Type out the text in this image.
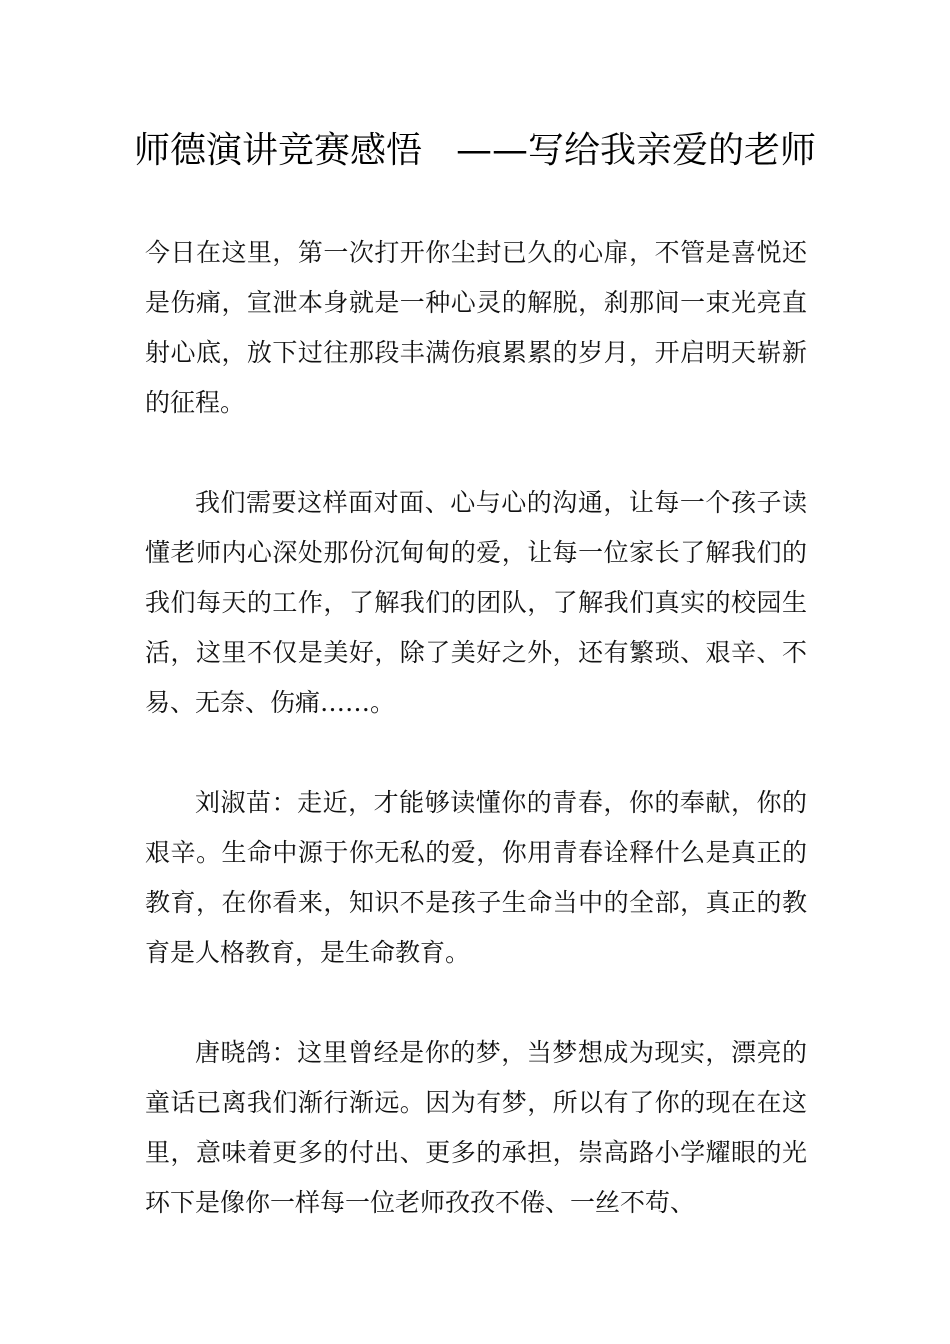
师德演讲竞赛感悟 ——写给我亲爱的老师

今日在这里，第一次打开你尘封已久的心扉，不管是喜悦还是伤痛，宣泄本身就是一种心灵的解脱，刹那间一束光亮直射心底，放下过往那段丰满伤痕累累的岁月，开启明天崭新的征程。

我们需要这样面对面、心与心的沟通，让每一个孩子读懂老师内心深处那份沉甸甸的爱，让每一位家长了解我们的我们每天的工作，了解我们的团队，了解我们真实的校园生活，这里不仅是美好，除了美好之外，还有繁琐、艰辛、不易、无奈、伤痛……。

刘淑苗：走近，才能够读懂你的青春，你的奉献，你的艰辛。生命中源于你无私的爱，你用青春诠释什么是真正的教育，在你看来，知识不是孩子生命当中的全部，真正的教育是人格教育，是生命教育。

唐晓鸽：这里曾经是你的梦，当梦想成为现实，漂亮的童话已离我们渐行渐远。因为有梦，所以有了你的现在在这里，意味着更多的付出、更多的承担，崇高路小学耀眼的光环下是像你一样每一位老师孜孜不倦、一丝不苟、
